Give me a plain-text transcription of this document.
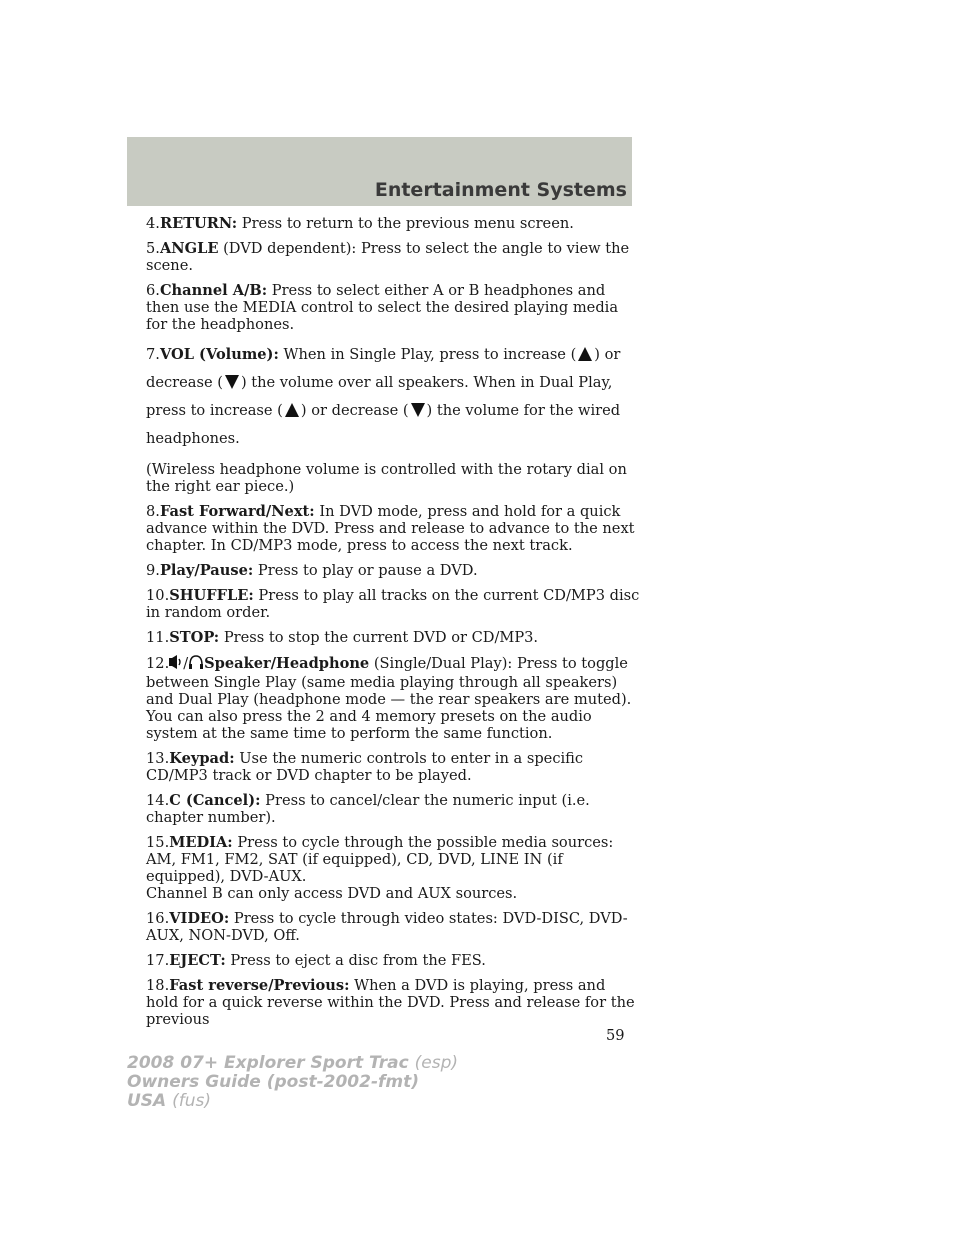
Entertainment Systems

4.RETURN: Press to return to the previous menu screen.

5.ANGLE (DVD dependent): Press to select the angle to view the scene.

6.Channel A/B: Press to select either A or B headphones and then use the MEDIA control to select the desired playing media for the headphones.

7.VOL (Volume): When in Single Play, press to increase ( ) or decrease ( ) the volume over all speakers. When in Dual Play, press to increase ( ) or decrease ( ) the volume for the wired headphones.

(Wireless headphone volume is controlled with the rotary dial on the right ear piece.)

8.Fast Forward/Next: In DVD mode, press and hold for a quick advance within the DVD. Press and release to advance to the next chapter. In CD/MP3 mode, press to access the next track.

9.Play/Pause: Press to play or pause a DVD.

10.SHUFFLE: Press to play all tracks on the current CD/MP3 disc in random order.

11.STOP: Press to stop the current DVD or CD/MP3.

12. / Speaker/Headphone (Single/Dual Play): Press to toggle between Single Play (same media playing through all speakers) and Dual Play (headphone mode — the rear speakers are muted). You can also press the 2 and 4 memory presets on the audio system at the same time to perform the same function.

13.Keypad: Use the numeric controls to enter in a specific CD/MP3 track or DVD chapter to be played.

14.C (Cancel): Press to cancel/clear the numeric input (i.e. chapter number).

15.MEDIA: Press to cycle through the possible media sources: AM, FM1, FM2, SAT (if equipped), CD, DVD, LINE IN (if equipped), DVD-AUX.
Channel B can only access DVD and AUX sources.

16.VIDEO: Press to cycle through video states: DVD-DISC, DVD-AUX, NON-DVD, Off.

17.EJECT: Press to eject a disc from the FES.

18.Fast reverse/Previous: When a DVD is playing, press and hold for a quick reverse within the DVD. Press and release for the previous

59
2008 07+ Explorer Sport Trac (esp)
Owners Guide (post-2002-fmt)
USA (fus)
